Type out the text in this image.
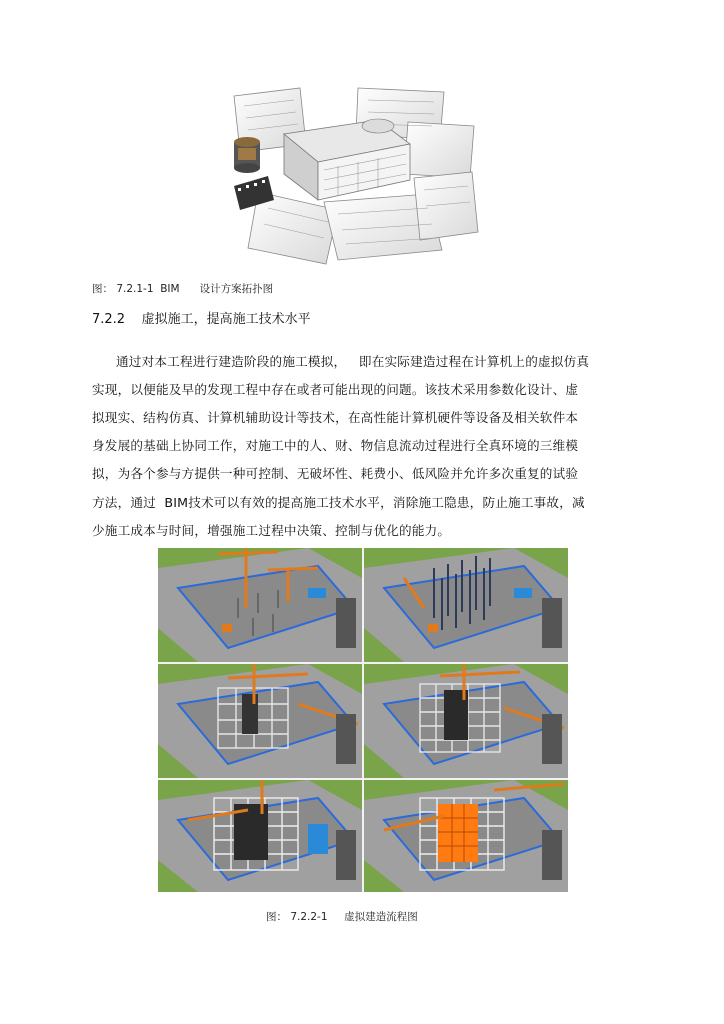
图： 7.2.1-1  BIM      设计方案拓扑图
7.2.2    虚拟施工，提高施工技术水平
通过对本工程进行建造阶段的施工模拟，   即在实际建造过程在计算机上的虚拟仿真
实现，以便能及早的发现工程中存在或者可能出现的问题。该技术采用参数化设计、虚
拟现实、结构仿真、计算机辅助设计等技术，在高性能计算机硬件等设备及相关软件本
身发展的基础上协同工作，对施工中的人、财、物信息流动过程进行全真环境的三维模
拟，为各个参与方提供一种可控制、无破坏性、耗费小、低风险并允许多次重复的试验
方法，通过  BIM技术可以有效的提高施工技术水平，消除施工隐患，防止施工事故，减
少施工成本与时间，增强施工过程中决策、控制与优化的能力。
图： 7.2.2-1     虚拟建造流程图
